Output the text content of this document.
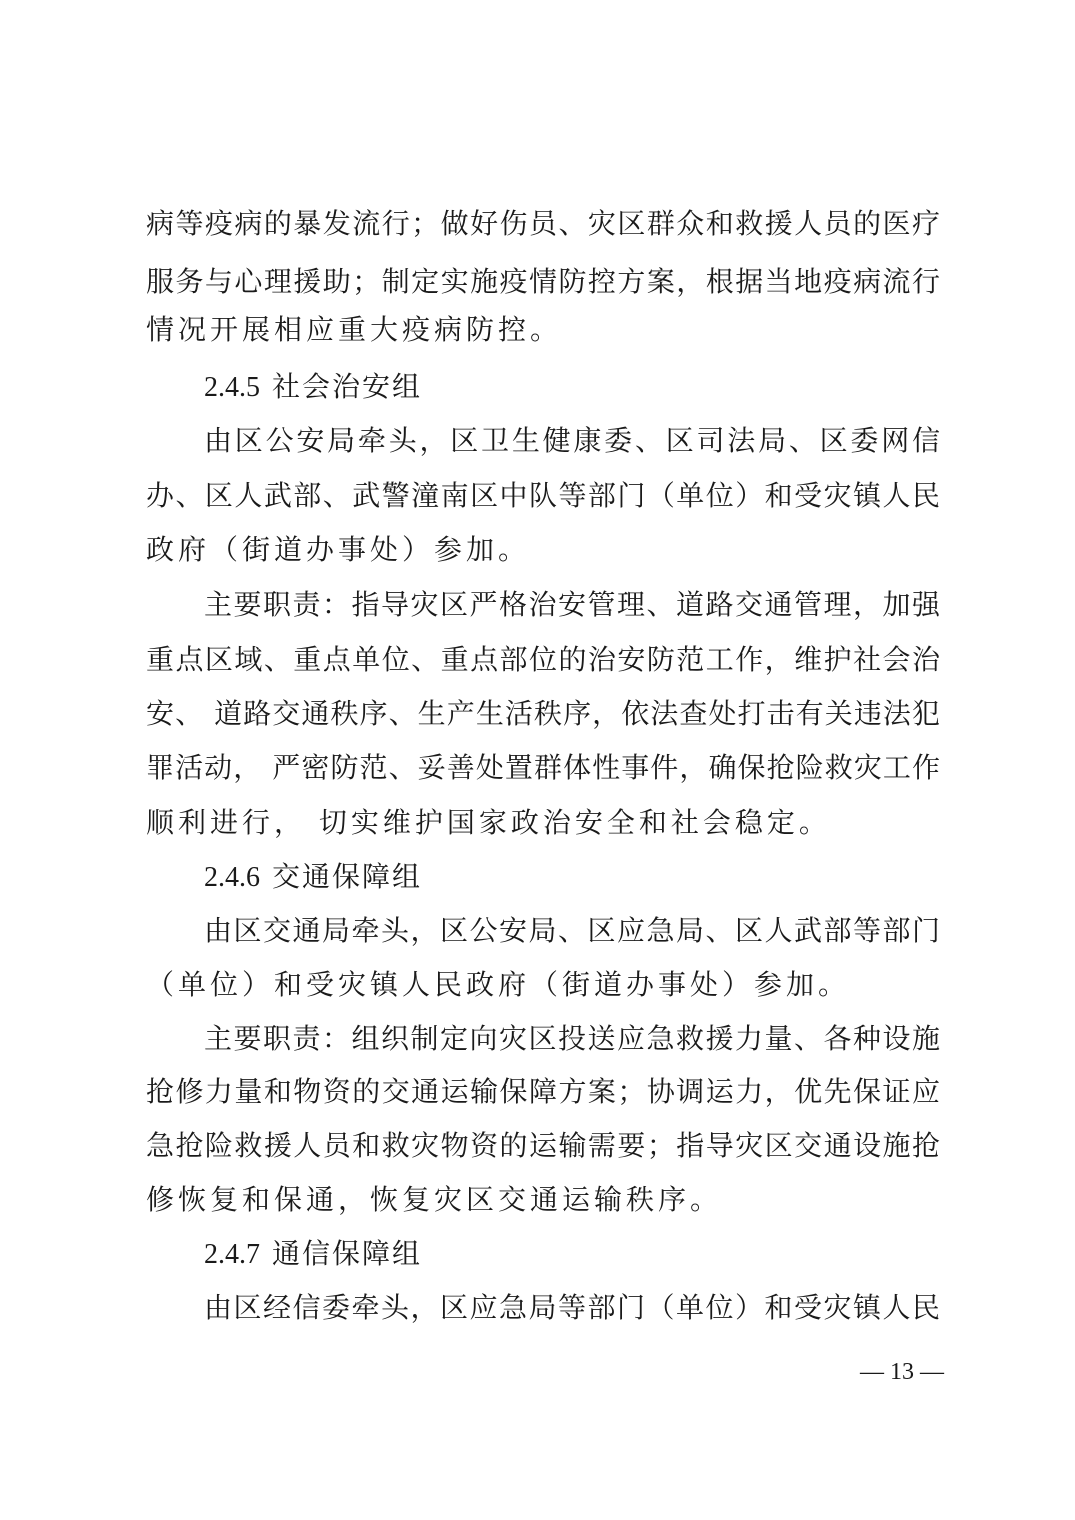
病等疫病的暴发流行；做好伤员、灾区群众和救援人员的医疗
服务与心理援助；制定实施疫情防控方案，根据当地疫病流行
情况开展相应重大疫病防控。
2.4.5 社会治安组
由区公安局牵头，区卫生健康委、区司法局、区委网信
办、区人武部、武警潼南区中队等部门（单位）和受灾镇人民
政府（街道办事处）参加。
主要职责：指导灾区严格治安管理、道路交通管理，加强
重点区域、重点单位、重点部位的治安防范工作，维护社会治
安、 道路交通秩序、生产生活秩序，依法查处打击有关违法犯
罪活动， 严密防范、妥善处置群体性事件，确保抢险救灾工作
顺利进行， 切实维护国家政治安全和社会稳定。
2.4.6 交通保障组
由区交通局牵头，区公安局、区应急局、区人武部等部门
（单位）和受灾镇人民政府（街道办事处）参加。
主要职责：组织制定向灾区投送应急救援力量、各种设施
抢修力量和物资的交通运输保障方案；协调运力，优先保证应
急抢险救援人员和救灾物资的运输需要；指导灾区交通设施抢
修恢复和保通，恢复灾区交通运输秩序。
2.4.7 通信保障组
由区经信委牵头，区应急局等部门（单位）和受灾镇人民
— 13 —
